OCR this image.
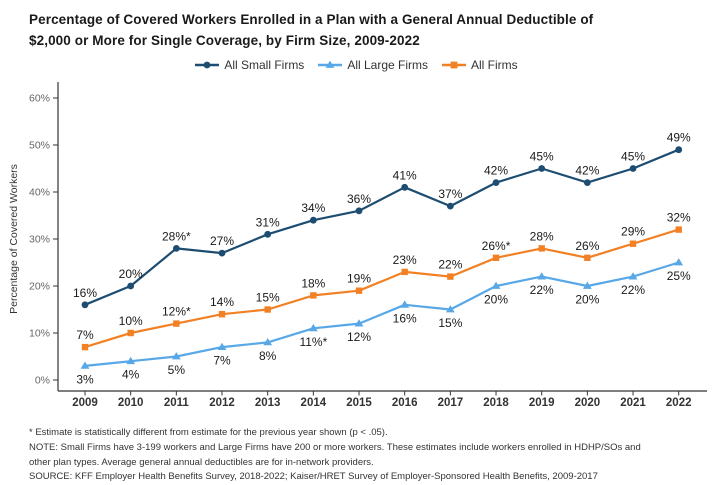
Percentage of Covered Workers Enrolled in a Plan with a General Annual Deductible of
$2,000 or More for Single Coverage, by Firm Size, 2009-2022
All Small Firms	All Large Firms	All Firms
0%
10%
20%
30%
40%
50%
60%
2009 2010 2011 2012 2013 2014 2015 2016 2017 2018 2019 2020 2021 2022
Percentage of Covered Workers	16%
20%
28%* 27%
31%
34%
36%
41%
37%
42%
45%
42%
45%
49%
3% 4% 5%
7% 8%
11%* 12%
16% 15%
20%
22%
20%
22%
25%
7%
10%
12%*
14% 15%
18% 19%
23% 22%
26%*
28%
26%
29%
32%

* Estimate is statistically different from estimate for the previous year shown (p < .05).

NOTE: Small Firms have 3-199 workers and Large Firms have 200 or more workers. These estimates include workers enrolled in HDHP/SOs and other plan types. Average general annual deductibles are for in-network providers.

SOURCE: KFF Employer Health Benefits Survey, 2018-2022; Kaiser/HRET Survey of Employer-Sponsored Health Benefits, 2009-2017
